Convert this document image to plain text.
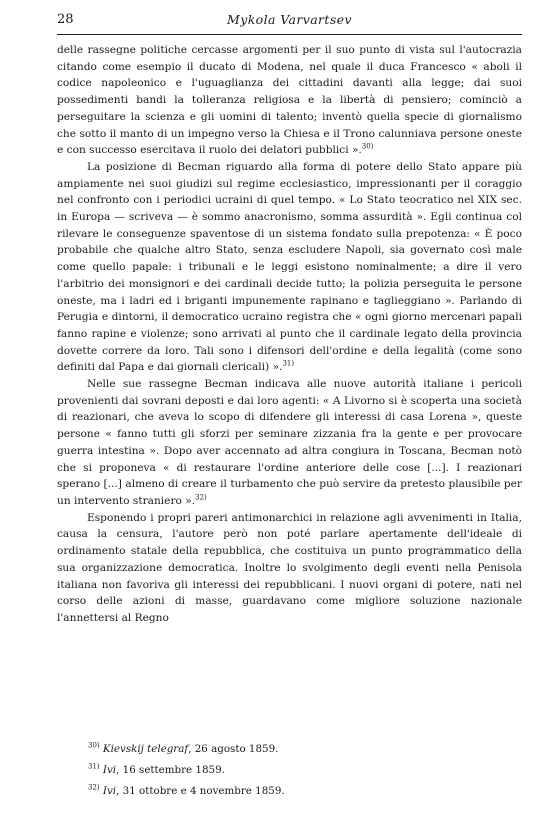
28	Mykola Varvartsev

delle rassegne politiche cercasse argomenti per il suo punto di vista sul l'autocrazia citando come esempio il ducato di Modena, nel quale il duca Francesco « aboli il codice napoleonico e l'uguaglianza dei cittadini davanti alla legge; dai suoi possedimenti bandi la tolleranza religiosa e la libertà di pensiero; cominciò a perseguitare la scienza e gli uomini di talento; inventò quella specie di giornalismo che sotto il manto di un impegno verso la Chiesa e il Trono calunniava persone oneste e con successo esercitava il ruolo dei delatori pubblici ».$^{30)}$

La posizione di Becman riguardo alla forma di potere dello Stato appare più ampiamente nei suoi giudizi sul regime ecclesiastico, impressionanti per il coraggio nel confronto con i periodici ucraini di quel tempo. « Lo Stato teocratico nel XIX sec. in Europa — scriveva — è sommo anacronismo, somma assurdità ». Egli continua col rilevare le conseguenze spaventose di un sistema fondato sulla prepotenza: « È poco probabile che qualche altro Stato, senza escludere Napoli, sia governato così male come quello papale: i tribunali e le leggi esistono nominalmente; a dire il vero l'arbitrio dei monsignori e dei cardinali decide tutto; la polizia perseguita le persone oneste, ma i ladri ed i briganti impunemente rapinano e taglieggiano ». Parlando di Perugia e dintorni, il democratico ucraino registra che « ogni giorno mercenari papali fanno rapine e violenze; sono arrivati al punto che il cardinale legato della provincia dovette correre da loro. Tali sono i difensori dell'ordine e della legalità (come sono definiti dal Papa e dai giornali clericali) ».$^{31)}$

Nelle sue rassegne Becman indicava alle nuove autorità italiane i pericoli provenienti dai sovrani deposti e dai loro agenti: « A Livorno si è scoperta una società di reazionari, che aveva lo scopo di difendere gli interessi di casa Lorena », queste persone « fanno tutti gli sforzi per seminare zizzania fra la gente e per provocare guerra intestina ». Dopo aver accennato ad altra congiura in Toscana, Becman notò che si proponeva « di restaurare l'ordine anteriore delle cose [...]. I reazionari sperano [...] almeno di creare il turbamento che può servire da pretesto plausibile per un intervento straniero ».$^{32)}$

Esponendo i propri pareri antimonarchici in relazione agli avvenimenti in Italia, causa la censura, l'autore però non poté parlare apertamente dell'ideale di ordinamento statale della repubblica, che costituiva un punto programmatico della sua organizzazione democratica. Inoltre lo svolgimento degli eventi nella Penisola italiana non favoriva gli interessi dei repubblicani. I nuovi organi di potere, nati nel corso delle azioni di masse, guardavano come migliore soluzione nazionale l'annettersi al Regno

$^{30)}$ Kievskij telegraf, 26 agosto 1859.

$^{31)}$ Ivi, 16 settembre 1859.

$^{32)}$ Ivi, 31 ottobre e 4 novembre 1859.
